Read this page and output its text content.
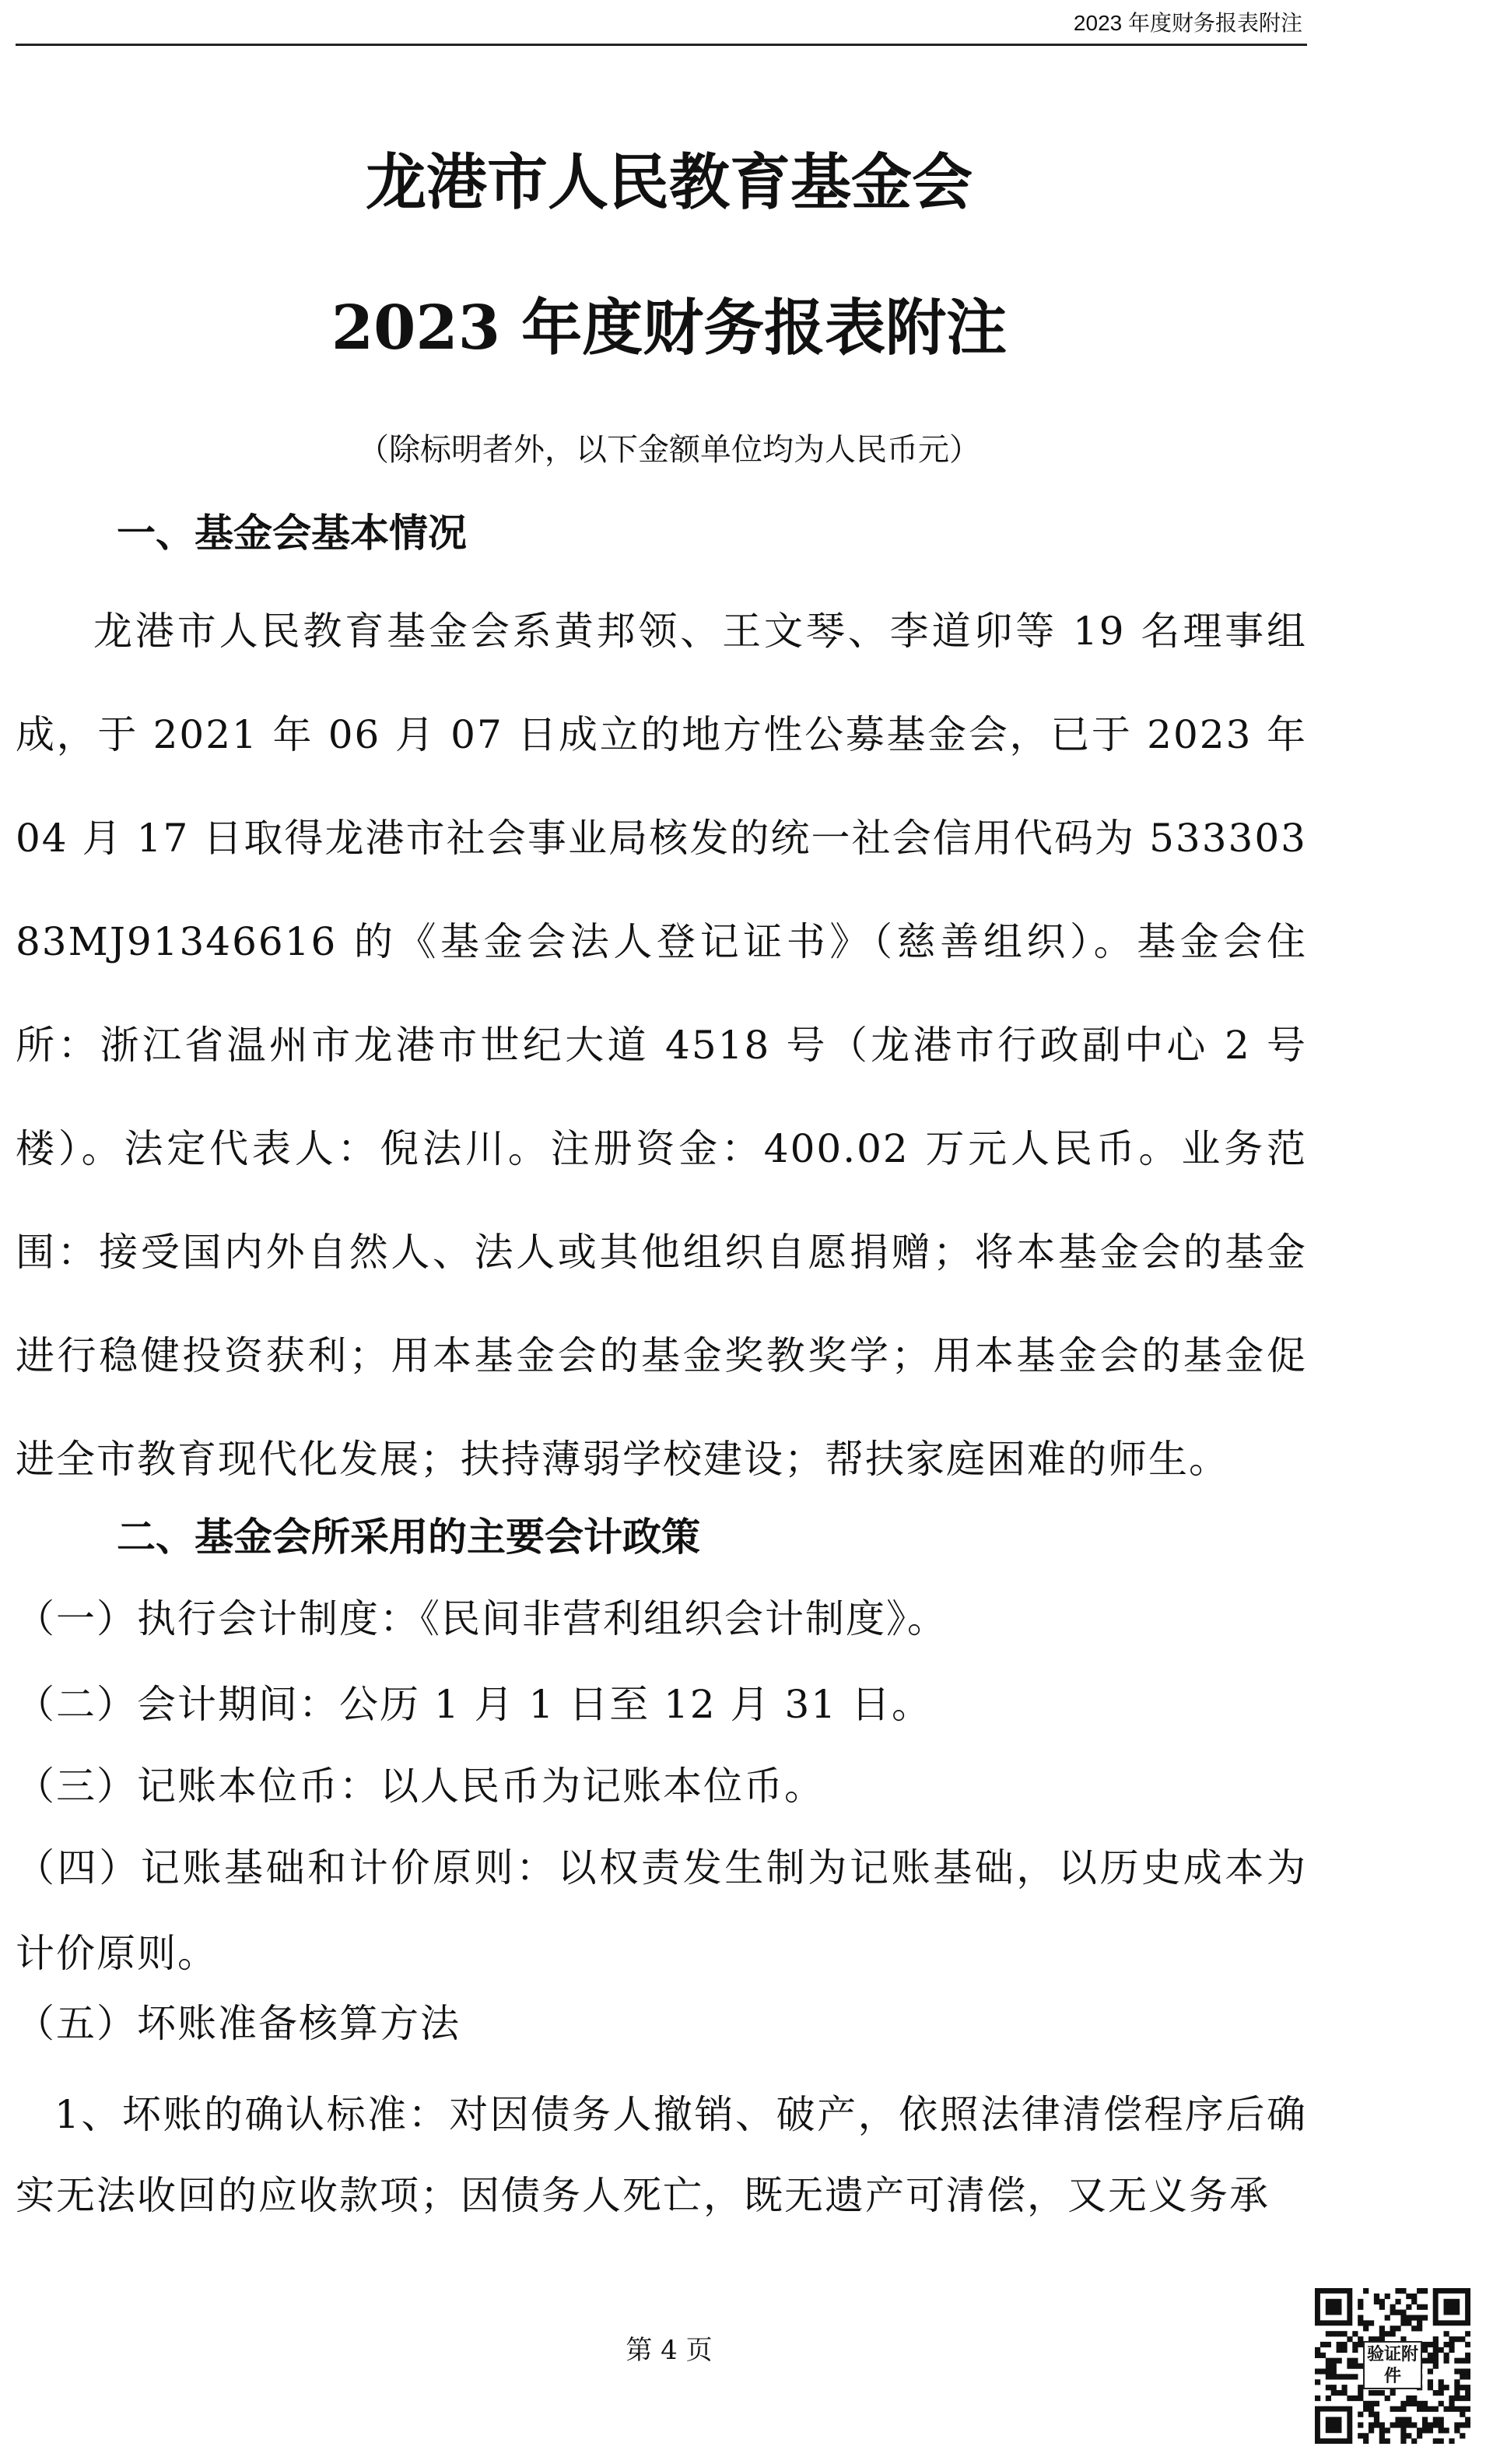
2023 年度财务报表附注
龙港市人民教育基金会
2023 年度财务报表附注
（除标明者外，以下金额单位均为人民币元）
一、基金会基本情况
龙港市人民教育基金会系黄邦领、王文琴、李道卯等 19 名理事组成，于 2021 年 06 月 07 日成立的地方性公募基金会，已于 2023 年 04 月 17 日取得龙港市社会事业局核发的统一社会信用代码为 53330383MJ91346616 的《基金会法人登记证书》（慈善组织）。基金会住所：浙江省温州市龙港市世纪大道 4518 号（龙港市行政副中心 2 号楼）。法定代表人：倪法川。注册资金：400.02 万元人民币。业务范围：接受国内外自然人、法人或其他组织自愿捐赠；将本基金会的基金进行稳健投资获利；用本基金会的基金奖教奖学；用本基金会的基金促进全市教育现代化发展；扶持薄弱学校建设；帮扶家庭困难的师生。
二、基金会所采用的主要会计政策
（一）执行会计制度：《民间非营利组织会计制度》。
（二）会计期间：公历 1 月 1 日至 12 月 31 日。
（三）记账本位币：以人民币为记账本位币。
（四）记账基础和计价原则：以权责发生制为记账基础，以历史成本为计价原则。
（五）坏账准备核算方法
1、坏账的确认标准：对因债务人撤销、破产，依照法律清偿程序后确实无法收回的应收款项；因债务人死亡，既无遗产可清偿，又无义务承
第 4 页	验证附件
